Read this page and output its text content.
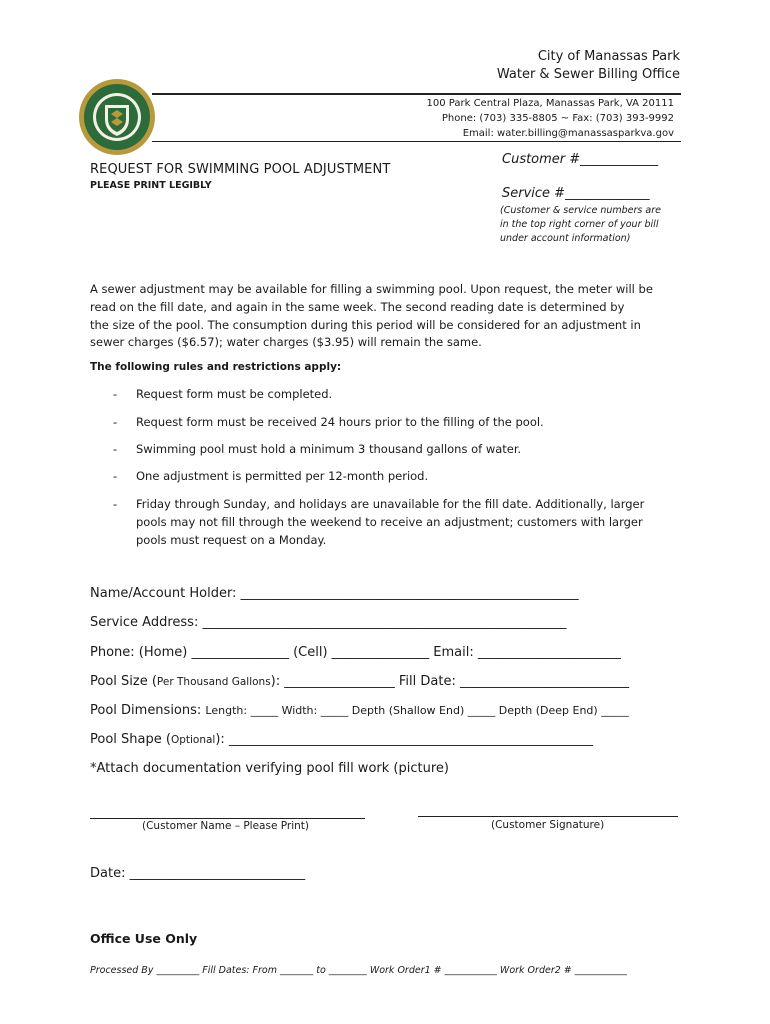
City of Manassas Park
Water & Sewer Billing Office
100 Park Central Plaza, Manassas Park, VA 20111
Phone: (703) 335-8805 ~ Fax: (703) 393-9992
Email: water.billing@manassasparkva.gov
REQUEST FOR SWIMMING POOL ADJUSTMENT
PLEASE PRINT LEGIBLY
Customer #____________
Service #_____________
(Customer & service numbers are
in the top right corner of your bill
under account information)
A sewer adjustment may be available for filling a swimming pool. Upon request, the meter will be
read on the fill date, and again in the same week. The second reading date is determined by
the size of the pool. The consumption during this period will be considered for an adjustment in
sewer charges ($6.57); water charges ($3.95) will remain the same.
The following rules and restrictions apply:
- Request form must be completed.
- Request form must be received 24 hours prior to the filling of the pool.
- Swimming pool must hold a minimum 3 thousand gallons of water.
- One adjustment is permitted per 12-month period.
- Friday through Sunday, and holidays are unavailable for the fill date. Additionally, larger
pools may not fill through the weekend to receive an adjustment; customers with larger
pools must request on a Monday.
Name/Account Holder: ____________________________________________________
Service Address: ________________________________________________________
Phone: (Home) _______________ (Cell) _______________ Email: ______________________
Pool Size (Per Thousand Gallons): _________________ Fill Date: __________________________
Pool Dimensions: Length: _____ Width: _____ Depth (Shallow End) _____ Depth (Deep End) _____
Pool Shape (Optional): ________________________________________________________
*Attach documentation verifying pool fill work (picture)
(Customer Name – Please Print)	(Customer Signature)
Date: ___________________________
Office Use Only
Processed By _________ Fill Dates: From _______ to ________ Work Order1 # ___________ Work Order2 # ___________
